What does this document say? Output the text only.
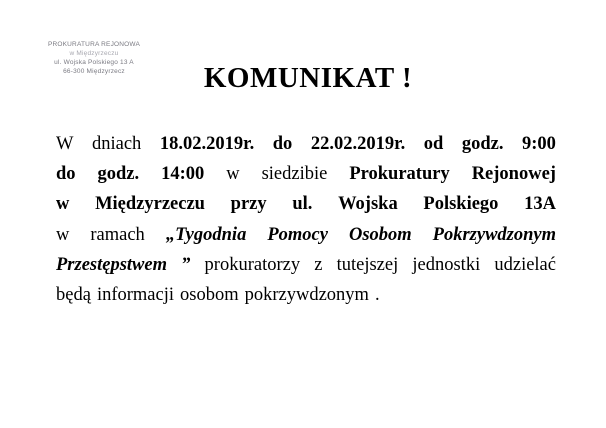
PROKURATURA REJONOWA
w Międzyrzeczu
ul. Wojska Polskiego 13 A
66-300 Międzyrzecz	KOMUNIKAT !
W dniach 18.02.2019r. do 22.02.2019r. od godz. 9:00
do godz. 14:00 w siedzibie Prokuratury Rejonowej
w Międzyrzeczu przy ul. Wojska Polskiego 13A
w ramach „Tygodnia Pomocy Osobom Pokrzywdzonym
Przestępstwem ” prokuratorzy z tutejszej jednostki udzielać
będą informacji osobom pokrzywdzonym .
